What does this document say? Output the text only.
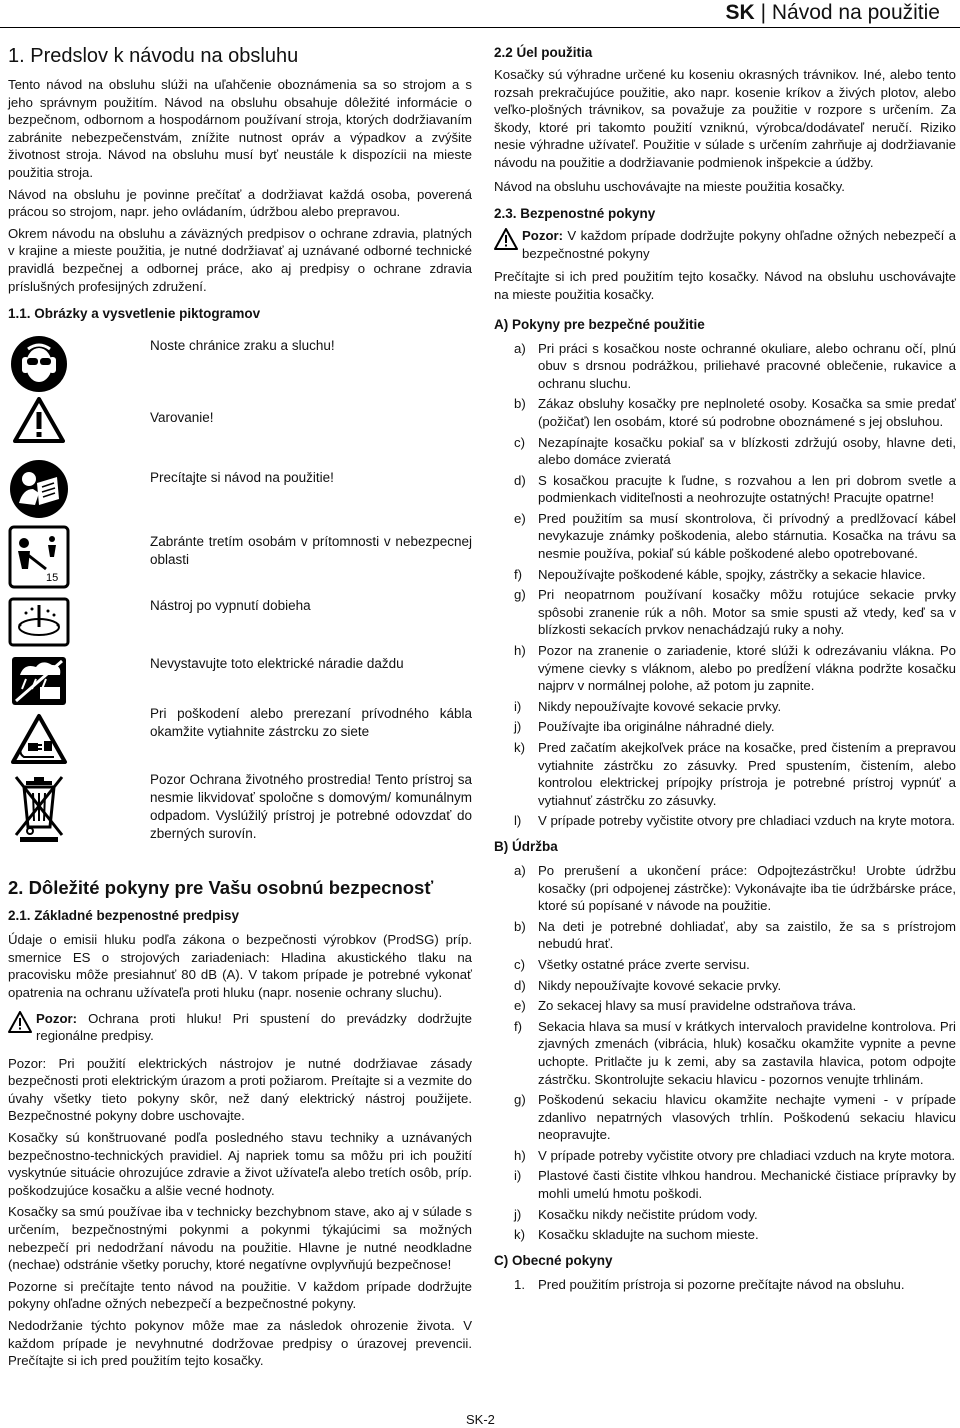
SK | Návod na použitie
1. Predslov k návodu na obsluhu

Tento návod na obsluhu slúži na uľahčenie oboznámenia sa so strojom a s jeho správnym použitím. Návod na obsluhu obsahuje dôležité informácie o bezpečnom, odbornom a hospodárnom používaní stroja, ktorých dodržiavaním zabránite nebezpečenstvám, znížite nutnost opráv a výpadkov a zvýšite životnost stroja. Návod na obsluhu musí byť neustále k dispozícii na mieste použitia stroja.

Návod na obsluhu je povinne prečítať a dodržiavat každá osoba, poverená prácou so strojom, napr. jeho ovládaním, údržbou alebo prepravou.

Okrem návodu na obsluhu a záväzných predpisov o ochrane zdravia, platných v krajine a mieste použitia, je nutné dodržiavať aj uznávané odborné technické pravidlá bezpečnej a odbornej práce, ako aj predpisy o ochrane zdravia príslušných profesijných združení.

1.1. Obrázky a vysvetlenie piktogramov
Noste chránice zraku a sluchu!
Varovanie!
Precítajte si návod na použitie!
15
Zabránte tretím osobám v prítomnosti v nebezpecnej oblasti
Nástroj po vypnutí dobieha
Nevystavujte toto elektrické náradie daždu
Pri poškodení alebo prerezaní prívodného kábla okamžite vytiahnite zástrcku zo siete
Pozor Ochrana životného prostredia! Tento prístroj sa nesmie likvidovať spoločne s domovým/ komunálnym odpadom. Vyslúžilý prístroj je potrebné odovzdať do zberných surovín.
2. Dôležité pokyny pre Vašu osobnú bezpecnosť
2.1. Základné bezpenostné predpisy

Údaje o emisii hluku podľa zákona o bezpečnosti výrobkov (ProdSG) príp. smernice ES o strojových zariadeniach: Hladina akustického tlaku na pracovisku môže presiahnuť 80 dB (A). V takom prípade je potrebné vykonať opatrenia na ochranu užívateľa proti hluku (napr. nosenie ochrany sluchu).

Pozor: Ochrana proti hluku! Pri spustení do prevádzky dodržujte regionálne predpisy.

Pozor: Pri použití elektrických nástrojov je nutné dodržiavae zásady bezpečnosti proti elektrickým úrazom a proti požiarom. Preítajte si a vezmite do úvahy všetky tieto pokyny skôr, než daný elektrický nástroj použijete. Bezpečnostné pokyny dobre uschovajte.

Kosačky sú konštruované podľa posledného stavu techniky a uznávaných bezpečnostno-technických pravidiel. Aj napriek tomu sa môžu pri ich použití vyskytnúe situácie ohrozujúce zdravie a život užívateľa alebo tretích osôb, príp. poškodzujúce kosačku a alšie vecné hodnoty.

Kosačky sa smú používae iba v technicky bezchybnom stave, ako aj v súlade s určením, bezpečnostnými pokynmi a pokynmi týkajúcimi sa možných nebezpečí pri nedodržaní návodu na použitie. Hlavne je nutné neodkladne (nechae) odstránie všetky poruchy, ktoré negatívne ovplyvňujú bezpečnose!

Pozorne si prečítajte tento návod na použitie. V každom prípade dodržujte pokyny ohľadne ožných nebezpečí a bezpečnostné pokyny.

Nedodržanie týchto pokynov môže mae za následok ohrozenie života. V každom prípade je nevyhnutné dodržovae predpisy o úrazovej prevencii. Prečítajte si ich pred použitím tejto kosačky.

2.2 Úel použitia

Kosačky sú výhradne určené ku koseniu okrasných trávnikov. Iné, alebo tento rozsah prekračujúce použitie, ako napr. kosenie kríkov a živých plotov, alebo veľko-plošných trávnikov, sa považuje za použitie v rozpore s určením. Za škody, ktoré pri takomto použití vzniknú, výrobca/dodávateľ neručí. Riziko nesie výhradne užívateľ. Použitie v súlade s určením zahrňuje aj dodržiavanie návodu na použitie a dodržiavanie podmienok inšpekcie a údžby.

Návod na obsluhu uschovávajte na mieste použitia kosačky.

2.3. Bezpenostné pokyny
Pozor: V každom prípade dodržujte pokyny ohľadne ožných nebezpečí a bezpečnostné pokyny

Prečítajte si ich pred použitím tejto kosačky. Návod na obsluhu uschovávajte na mieste použitia kosačky.

A) Pokyny pre bezpečné použitie
a) Pri práci s kosačkou noste ochranné okuliare, alebo ochranu očí, plnú obuv s drsnou podrážkou, priliehavé pracovné oblečenie, rukavice a ochranu sluchu.
b) Zákaz obsluhy kosačky pre neplnoleté osoby. Kosačka sa smie predať (požičať) len osobám, ktoré sú podrobne oboznámené s jej obsluhou.
c) Nezapínajte kosačku pokiaľ sa v blízkosti zdržujú osoby, hlavne deti, alebo domáce zvieratá
d) S kosačkou pracujte k ľudne, s rozvahou a len pri dobrom svetle a podmienkach viditeľnosti a neohrozujte ostatných! Pracujte opatrne!
e) Pred použitím sa musí skontrolova, či prívodný a predlžovací kábel nevykazuje známky poškodenia, alebo stárnutia. Kosačka na trávu sa nesmie používa, pokiaľ sú káble poškodené alebo opotrebované.
f)	Nepoužívajte poškodené káble, spojky, zástrčky a sekacie hlavice.
g) Pri neopatrnom používaní kosačky môžu rotujúce sekacie prvky spôsobi zranenie rúk a nôh. Motor sa smie spusti až vtedy, keď sa v blízkosti sekacích prvkov nenachádzajú ruky a nohy.
h) Pozor na zranenie o zariadenie, ktoré slúži k odrezávaniu vlákna. Po výmene cievky s vláknom, alebo po predĺžení vlákna podržte kosačku najprv v normálnej polohe, až potom ju zapnite.
i)	Nikdy nepoužívajte kovové sekacie prvky.
j)	Používajte iba originálne náhradné diely.
k) Pred začatím akejkoľvek práce na kosačke, pred čistením a prepravou vytiahnite zástrčku zo zásuvky. Pred spustením, čistením, alebo kontrolou elektrickej prípojky prístroja je potrebné prístroj vypnúť a vytiahnuť zástrčku zo zásuvky.
l)	V prípade potreby vyčistite otvory pre chladiaci vzduch na kryte motora.
B) Údržba
a) Po prerušení a ukončení práce: Odpojtezástrčku! Urobte údržbu kosačky (pri odpojenej zástrčke): Vykonávajte iba tie údržbárske práce, ktoré sú popísané v návode na použitie.
b) Na deti je potrebné dohliadať, aby sa zaistilo, že sa s prístrojom nebudú hrať.
c) Všetky ostatné práce zverte servisu.
d) Nikdy nepoužívajte kovové sekacie prvky.
e) Zo sekacej hlavy sa musí pravidelne odstraňova tráva.
f)	Sekacia hlava sa musí v krátkych intervaloch pravidelne kontrolova. Pri zjavných zmenách (vibrácia, hluk) kosačku okamžite vypnite a pevne uchopte. Pritlačte ju k zemi, aby sa zastavila hlavica, potom odpojte zástrčku. Skontrolujte sekaciu hlavicu - pozornos venujte trhlinám.
g) Poškodenú sekaciu hlavicu okamžite nechajte vymeni - v prípade zdanlivo nepatrných vlasových trhlín. Poškodenú sekaciu hlavicu neopravujte.
h) V prípade potreby vyčistite otvory pre chladiaci vzduch na kryte motora.
i)	Plastové časti čistite vlhkou handrou. Mechanické čistiace prípravky by mohli umelú hmotu poškodi.
j)	Kosačku nikdy nečistite prúdom vody.
k) Kosačku skladujte na suchom mieste.
C) Obecné pokyny
1. Pred použitím prístroja si pozorne prečítajte návod na obsluhu.
SK-2
